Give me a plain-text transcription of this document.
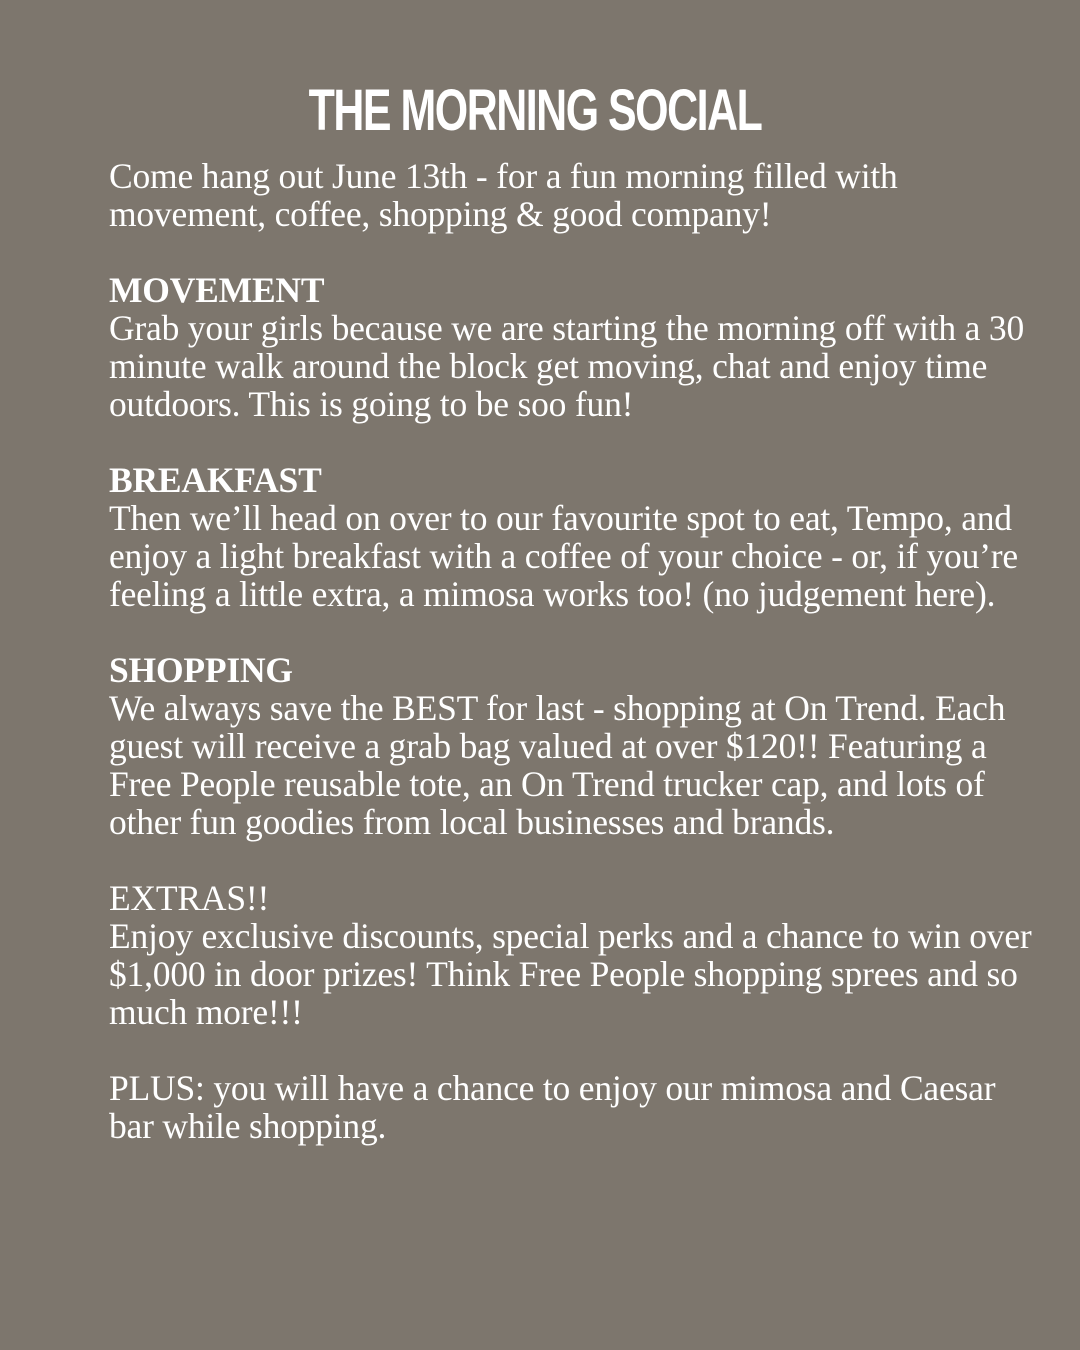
THE MORNING SOCIAL

Come hang out June 13th - for a fun morning filled with movement, coffee, shopping & good company!

MOVEMENT

Grab your girls because we are starting the morning off with a 30 minute walk around the block get moving, chat and enjoy time outdoors. This is going to be soo fun!

BREAKFAST

Then we’ll head on over to our favourite spot to eat, Tempo, and enjoy a light breakfast with a coffee of your choice - or, if you’re feeling a little extra, a mimosa works too! (no judgement here).

SHOPPING

We always save the BEST for last - shopping at On Trend. Each guest will receive a grab bag valued at over $120!! Featuring a Free People reusable tote, an On Trend trucker cap, and lots of other fun goodies from local businesses and brands.

EXTRAS!!

Enjoy exclusive discounts, special perks and a chance to win over $1,000 in door prizes! Think Free People shopping sprees and so much more!!!

PLUS: you will have a chance to enjoy our mimosa and Caesar bar while shopping.
